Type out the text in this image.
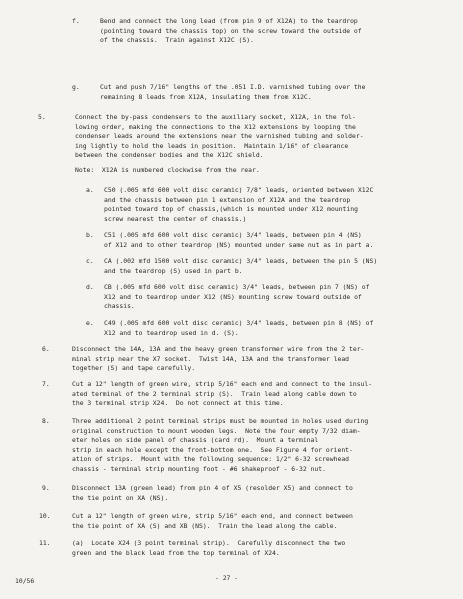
f.	Bend and connect the long lead (from pin 9 of X12A) to the teardrop
(pointing toward the chassis top) on the screw toward the outside of
of the chassis.  Train against X12C (S).
g.	Cut and push 7/16" lengths of the .051 I.D. varnished tubing over the
remaining 8 leads from X12A, insulating them from X12C.
5.	Connect the by-pass condensers to the auxiliary socket, X12A, in the fol-
lowing order, making the connections to the X12 extensions by looping the
condenser leads around the extensions near the varnished tubing and solder-
ing lightly to hold the leads in position.  Maintain 1/16" of clearance
between the condenser bodies and the X12C shield.
Note:  X12A is numbered clockwise from the rear.
a. C50 (.005 mfd 600 volt disc ceramic) 7/8" leads, oriented between X12C
and the chassis between pin 1 extension of X12A and the teardrop
pointed toward top of chassis,(which is mounted under X12 mounting
screw nearest the center of chassis.)
b. C51 (.005 mfd 600 volt disc ceramic) 3/4" leads, between pin 4 (NS)
of X12 and to other teardrop (NS) mounted under same nut as in part a.
c. CA (.002 mfd 1500 volt disc ceramic) 3/4" leads, between the pin 5 (NS)
and the teardrop (S) used in part b.
d. CB (.005 mfd 600 volt disc ceramic) 3/4" leads, between pin 7 (NS) of
X12 and to teardrop under X12 (NS) mounting screw toward outside of
chassis.
e. C49 (.005 mfd 600 volt disc ceramic) 3/4" leads, between pin 8 (NS) of
X12 and to teardrop used in d. (S).
6.	Disconnect the 14A, 13A and the heavy green transformer wire from the 2 ter-
minal strip near the X7 socket.  Twist 14A, 13A and the transformer lead
together (S) and tape carefully.
7.	Cut a 12" length of green wire, strip 5/16" each end and connect to the insul-
ated terminal of the 2 terminal strip (S).  Train lead along cable down to
the 3 terminal strip X24.  Do not connect at this time.
8.	Three additional 2 point terminal strips must be mounted in holes used during
original construction to mount wooden legs.  Note the four empty 7/32 diam-
eter holes on side panel of chassis (card rd).  Mount a terminal
strip in each hole except the front-bottom one.  See Figure 4 for orient-
ation of strips.  Mount with the following sequence: 1/2" 6-32 screwhead
chassis - terminal strip mounting foot - #6 shakeproof - 6-32 nut.
9.	Disconnect 13A (green lead) from pin 4 of X5 (resolder X5) and connect to
the tie point on XA (NS).
10.	Cut a 12" length of green wire, strip 5/16" each end, and connect between
the tie point of XA (S) and XB (NS).  Train the lead along the cable.
11.	(a)  Locate X24 (3 point terminal strip).  Carefully disconnect the two
green and the black lead from the top terminal of X24.
10/56	- 27 -
